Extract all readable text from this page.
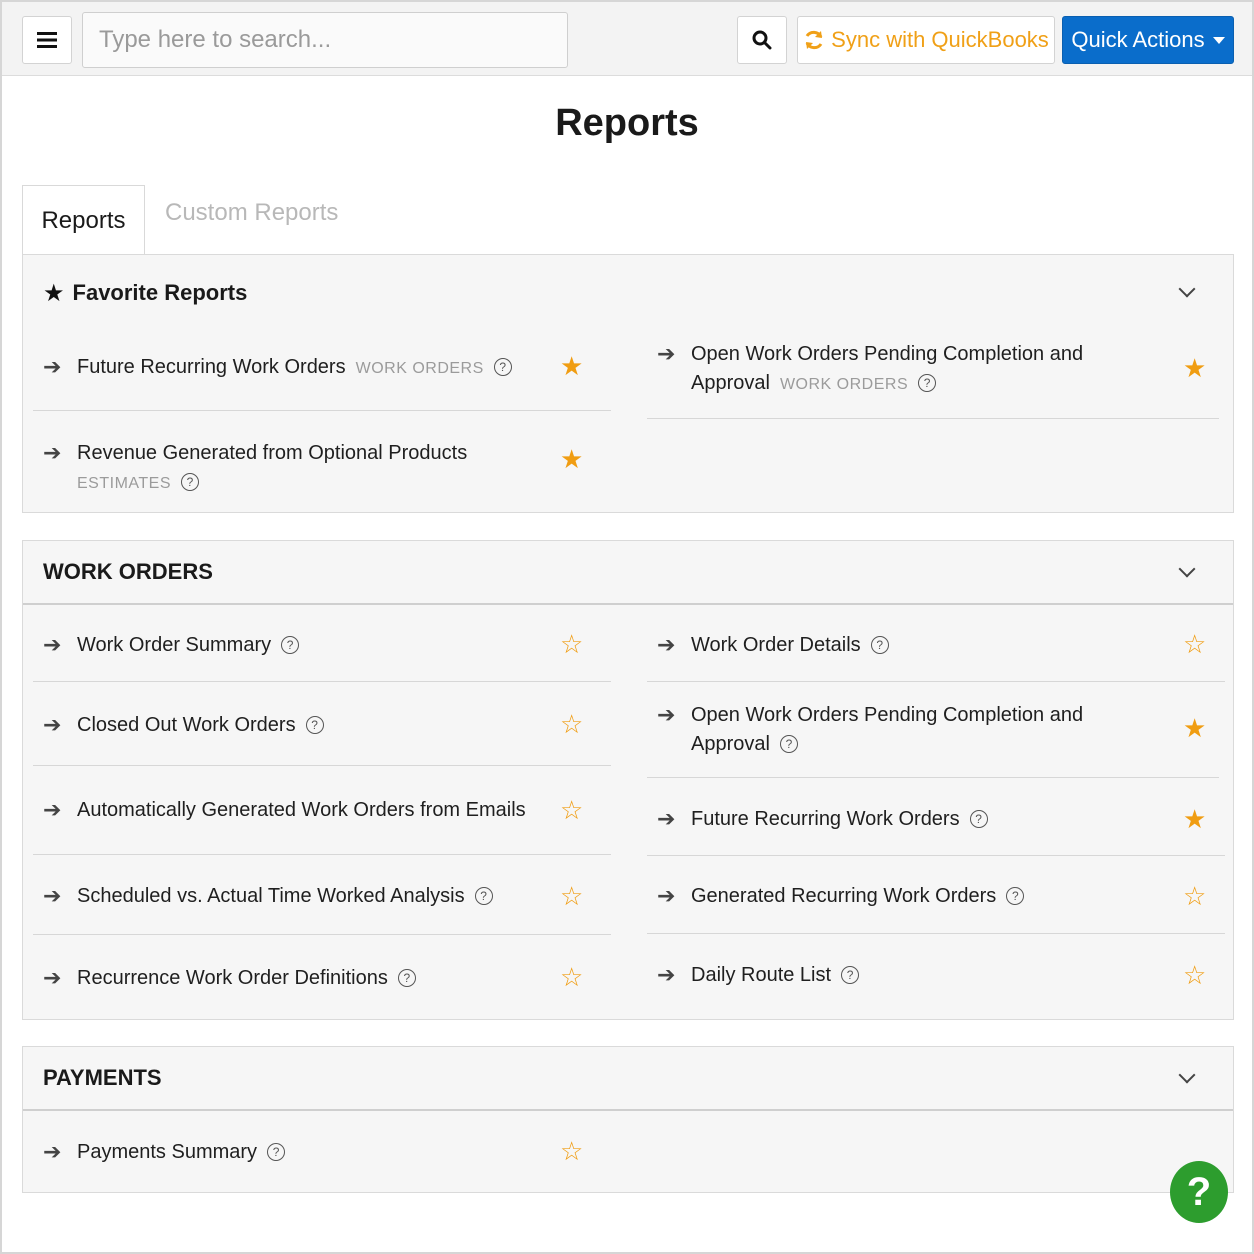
Type here to search...
Sync with QuickBooks Quick Actions
Reports
Reports	Custom Reports
★ Favorite Reports
➔ Future Recurring Work Orders WORK ORDERS ? ★	➔ Open Work Orders Pending Completion and
Approval WORK ORDERS ?	★
➔ Revenue Generated from Optional Products
ESTIMATES ?
★
WORK ORDERS
➔ Work Order Summary ?	☆
➔ Closed Out Work Orders ?	☆
➔ Automatically Generated Work Orders from Emails ☆
➔ Scheduled vs. Actual Time Worked Analysis ?	☆
➔ Recurrence Work Order Definitions ?	☆
➔ Work Order Details ?	☆
➔ Open Work Orders Pending Completion and
Approval ?
★
➔ Future Recurring Work Orders ?	★
➔ Generated Recurring Work Orders ?	☆
➔ Daily Route List ?	☆
PAYMENTS
➔ Payments Summary ?	☆
?
